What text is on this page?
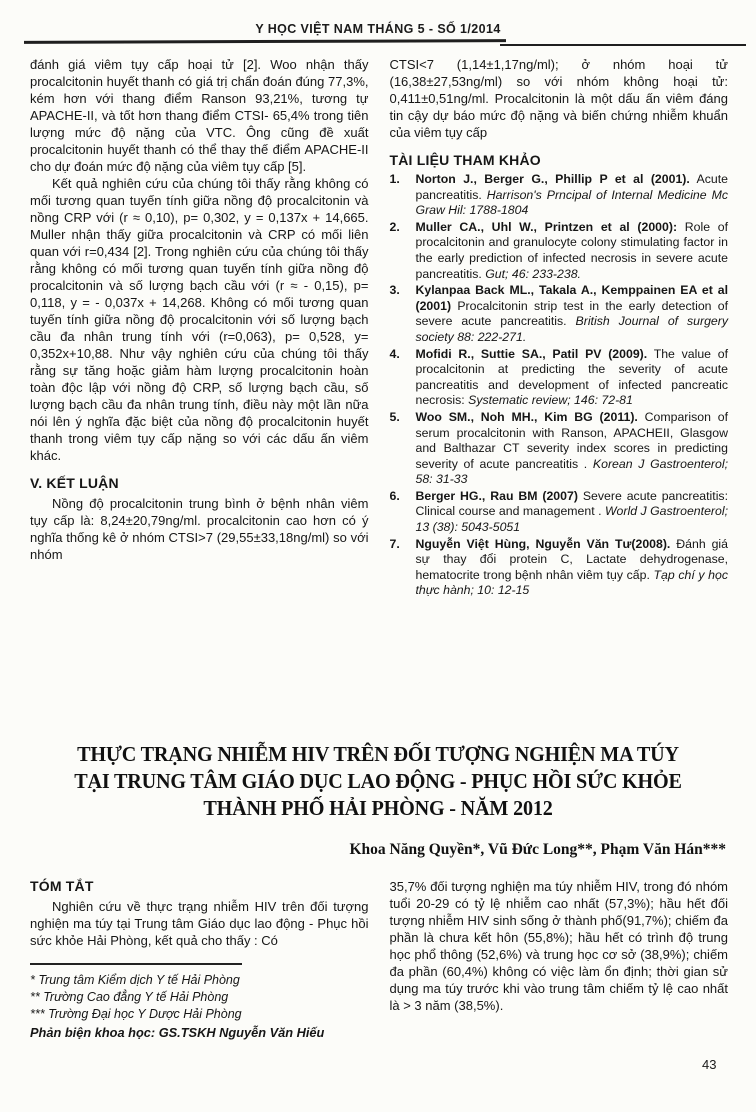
Y HỌC VIỆT NAM THÁNG 5 - SỐ 1/2014

đánh giá viêm tụy cấp hoại tử [2]. Woo nhận thấy procalcitonin huyết thanh có giá trị chẩn đoán đúng 77,3%, kém hơn với thang điểm Ranson 93,21%, tương tự APACHE-II, và tốt hơn thang điểm CTSI- 65,4% trong tiên lượng mức độ nặng của VTC. Ông cũng đề xuất procalcitonin huyết thanh có thể thay thế điểm APACHE-II cho dự đoán mức độ nặng của viêm tụy cấp [5].

Kết quả nghiên cứu của chúng tôi thấy rằng không có mối tương quan tuyến tính giữa nồng độ procalcitonin và nồng CRP với (r ≈ 0,10), p= 0,302, y = 0,137x + 14,665. Muller nhận thấy giữa procalcitonin và CRP có mối liên quan với r=0,434 [2]. Trong nghiên cứu của chúng tôi thấy rằng không có mối tương quan tuyến tính giữa nồng độ procalcitonin và số lượng bạch cầu với (r ≈ - 0,15), p= 0,118, y = - 0,037x + 14,268. Không có mối tương quan tuyến tính giữa nồng độ procalcitonin với số lượng bạch cầu đa nhân trung tính với (r=0,063), p= 0,528, y= 0,352x+10,88. Như vậy nghiên cứu của chúng tôi thấy rằng sự tăng hoặc giảm hàm lượng procalcitonin hoàn toàn độc lập với nồng độ CRP, số lượng bạch cầu, số lượng bạch cầu đa nhân trung tính, điều này một lần nữa nói lên ý nghĩa đặc biệt của nồng độ procalcitonin huyết thanh trong viêm tụy cấp nặng so với các dấu ấn viêm khác.

V. KẾT LUẬN

Nồng độ procalcitonin trung bình ở bệnh nhân viêm tụy cấp là: 8,24±20,79ng/ml. procalcitonin cao hơn có ý nghĩa thống kê ở nhóm CTSI>7 (29,55±33,18ng/ml) so với nhóm

CTSI<7 (1,14±1,17ng/ml); ở nhóm hoại tử (16,38±27,53ng/ml) so với nhóm không hoại tử: 0,411±0,51ng/ml. Procalcitonin là một dấu ấn viêm đáng tin cậy dự báo mức độ nặng và biến chứng nhiễm khuẩn của viêm tụy cấp

TÀI LIỆU THAM KHẢO
1.	Norton J., Berger G., Phillip P et al (2001). Acute pancreatitis. Harrison's Prncipal of Internal Medicine Mc Graw Hil: 1788-1804
2.	Muller CA., Uhl W., Printzen et al (2000): Role of procalcitonin and granulocyte colony stimulating factor in the early prediction of infected necrosis in severe acute pancreatitis. Gut; 46: 233-238.
3.	Kylanpaa Back ML., Takala A., Kemppainen EA et al (2001) Procalcitonin strip test in the early detection of severe acute pancreatitis. British Journal of surgery society 88: 222-271.
4.	Mofidi R., Suttie SA., Patil PV (2009). The value of procalcitonin at predicting the severity of acute pancreatitis and development of infected pancreatic necrosis: Systematic review; 146: 72-81
5.	Woo SM., Noh MH., Kim BG (2011). Comparison of serum procalcitonin with Ranson, APACHEII, Glasgow and Balthazar CT severity index scores in predicting severity of acute pancreatitis . Korean J Gastroenterol; 58: 31-33
6.	Berger HG., Rau BM (2007) Severe acute pancreatitis: Clinical course and management . World J Gastroenterol; 13 (38): 5043-5051
7.	Nguyễn Việt Hùng, Nguyễn Văn Tư(2008). Đánh giá sự thay đổi protein C, Lactate dehydrogenase, hematocrite trong bệnh nhân viêm tụy cấp. Tạp chí y học thực hành; 10: 12-15
THỰC TRẠNG NHIỄM HIV TRÊN ĐỐI TƯỢNG NGHIỆN MA TÚY
TẠI TRUNG TÂM GIÁO DỤC LAO ĐỘNG - PHỤC HỒI SỨC KHỎE
THÀNH PHỐ HẢI PHÒNG - NĂM 2012
Khoa Năng Quyền*, Vũ Đức Long**, Phạm Văn Hán***
TÓM TẮT

Nghiên cứu về thực trạng nhiễm HIV trên đối tượng nghiện ma túy tại Trung tâm Giáo dục lao động - Phục hồi sức khỏe Hải Phòng, kết quả cho thấy : Có

* Trung tâm Kiểm dịch Y tế Hải Phòng

** Trường Cao đẳng Y tế Hải Phòng

*** Trường Đại học Y Dược Hải Phòng

Phản biện khoa học: GS.TSKH Nguyễn Văn Hiếu

35,7% đối tượng nghiện ma túy nhiễm HIV, trong đó nhóm tuổi 20-29 có tỷ lệ nhiễm cao nhất (57,3%); hầu hết đối tượng nhiễm HIV sinh sống ở thành phố(91,7%); chiếm đa phần là chưa kết hôn (55,8%); hầu hết có trình độ trung học phổ thông (52,6%) và trung học cơ sở (38,9%); chiếm đa phần (60,4%) không có việc làm ổn định; thời gian sử dụng ma túy trước khi vào trung tâm chiếm tỷ lệ cao nhất là > 3 năm (38,5%).

43
